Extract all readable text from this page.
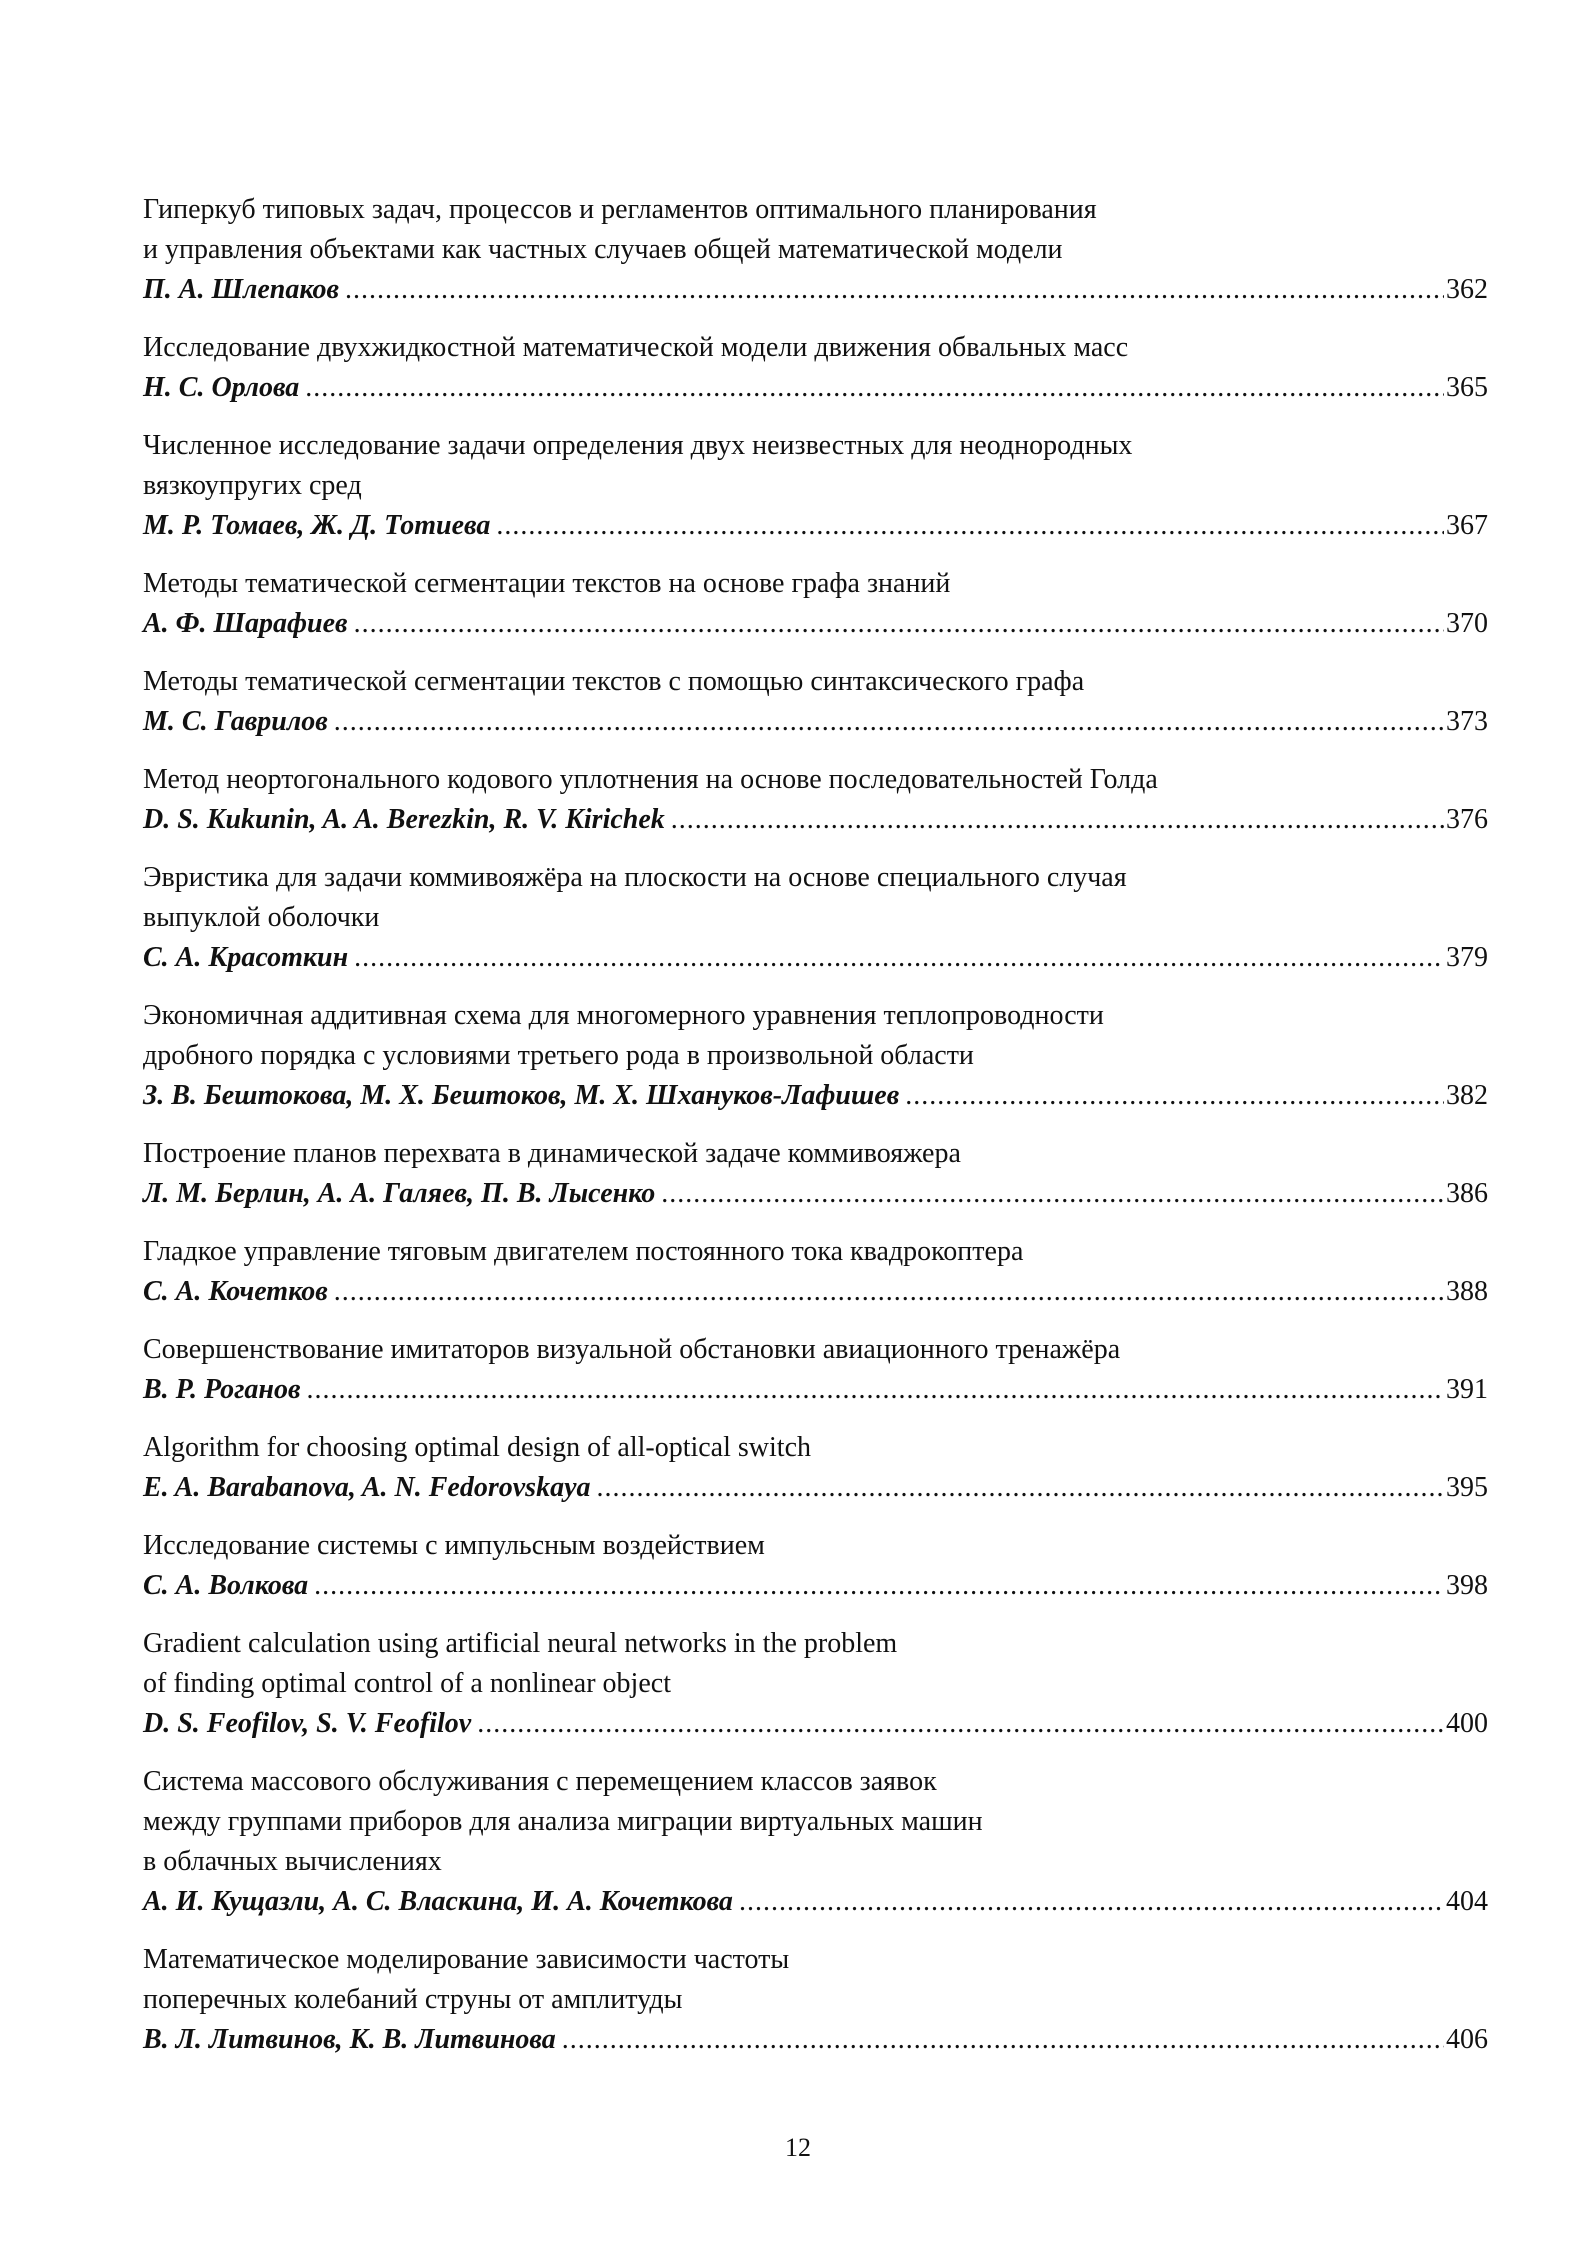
Гиперкуб типовых задач, процессов и регламентов оптимального планирования
и управления объектами как частных случаев общей математической модели
П. А. Шлепаков .....	362
Исследование двухжидкостной математической модели движения обвальных масс
Н. С. Орлова .....	365
Численное исследование задачи определения двух неизвестных для неоднородных
вязкоупругих сред
М. Р. Томаев, Ж. Д. Тотиева .....	367
Методы тематической сегментации текстов на основе графа знаний
А. Ф. Шарафиев .....	370
Методы тематической сегментации текстов с помощью синтаксического графа
М. С. Гаврилов .....	373
Метод неортогонального кодового уплотнения на основе последовательностей Голда
D. S. Kukunin, A. A. Berezkin, R. V. Kirichek .....	376
Эвристика для задачи коммивояжёра на плоскости на основе специального случая
выпуклой оболочки
С. А. Красоткин .....	379
Экономичная аддитивная схема для многомерного уравнения теплопроводности
дробного порядка с условиями третьего рода в произвольной области
З. В. Бештокова, М. Х. Бештоков, М. Х. Шхануков-Лафишев .....	382
Построение планов перехвата в динамической задаче коммивояжера
Л. М. Берлин, А. А. Галяев, П. В. Лысенко .....	386
Гладкое управление тяговым двигателем постоянного тока квадрокоптера
С. А. Кочетков .....	388
Совершенствование имитаторов визуальной обстановки авиационного тренажёра
В. Р. Роганов .....	391
Algorithm for choosing optimal design of all-optical switch
E. A. Barabanova, A. N. Fedorovskaya .....	395
Исследование системы с импульсным воздействием
С. А. Волкова .....	398
Gradient calculation using artificial neural networks in the problem
of finding optimal control of a nonlinear object
D. S. Feofilov, S. V. Feofilov .....	400
Система массового обслуживания с перемещением классов заявок
между группами приборов для анализа миграции виртуальных машин
в облачных вычислениях
А. И. Кущазли, А. С. Власкина, И. А. Кочеткова .....	404
Математическое моделирование зависимости частоты
поперечных колебаний струны от амплитуды
В. Л. Литвинов, К. В. Литвинова .....	406
12
